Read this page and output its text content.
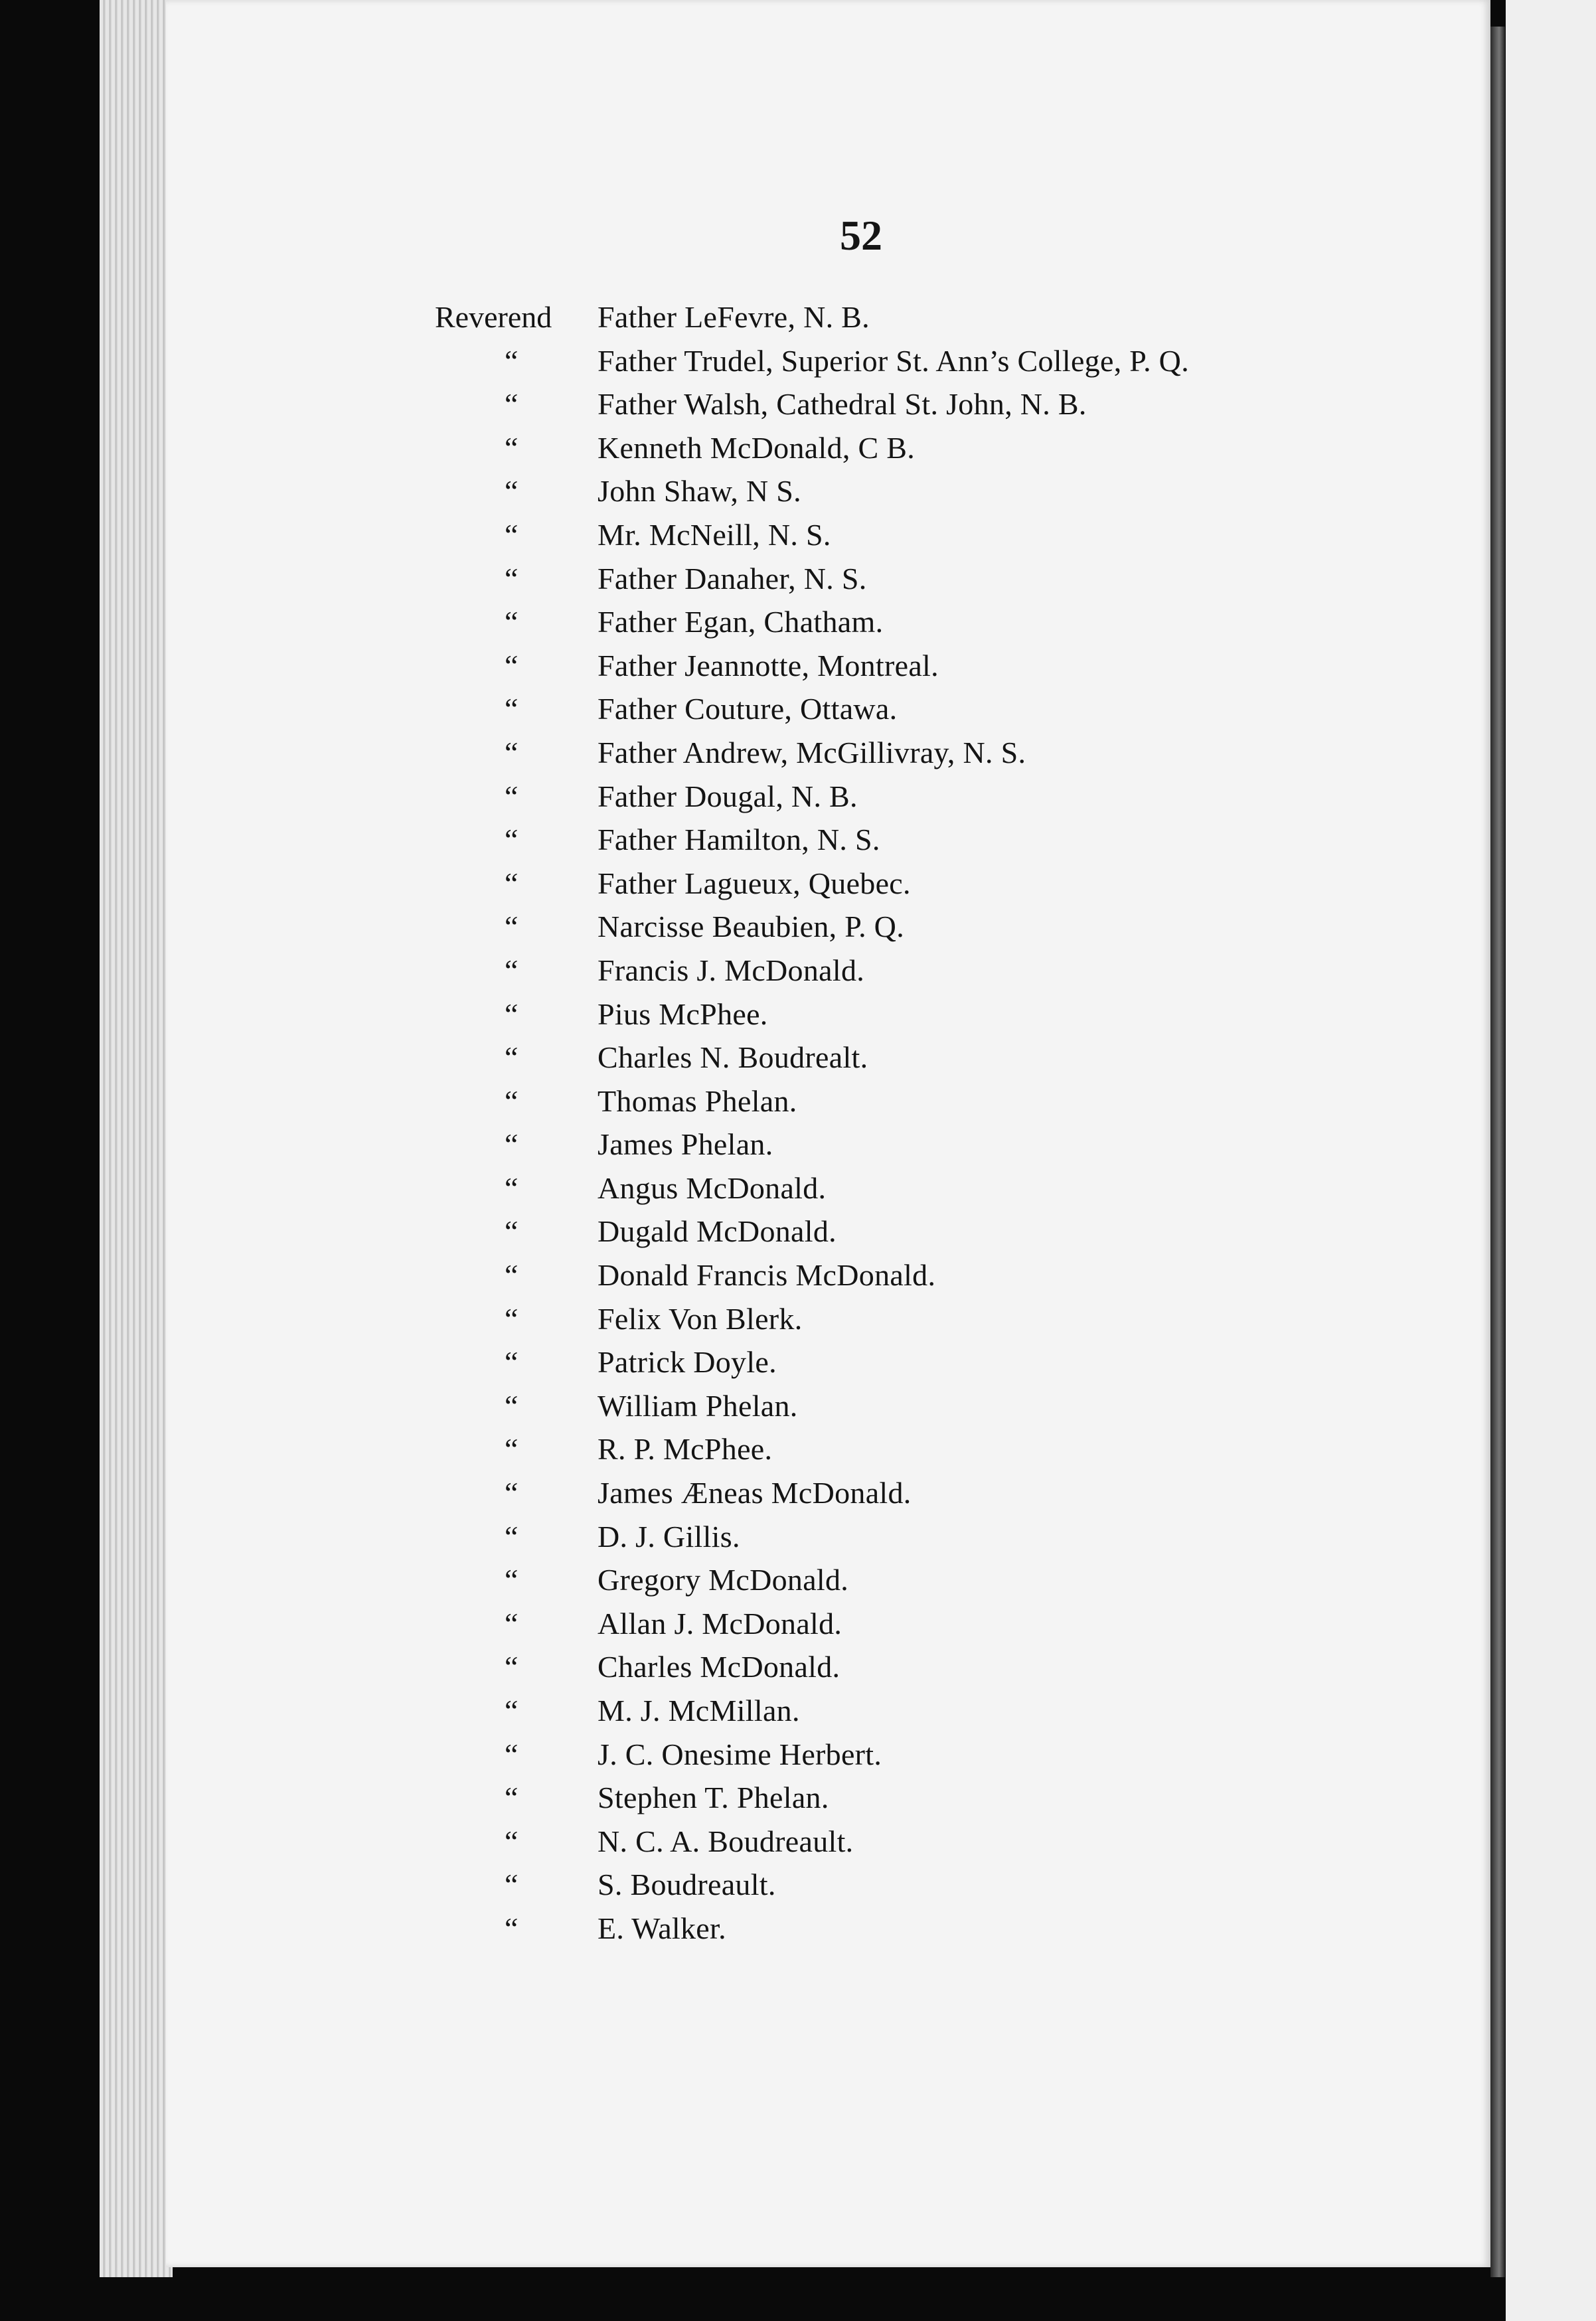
52
Reverend Father LeFevre, N. B.
“	Father Trudel, Superior St. Ann’s College, P. Q.
“	Father Walsh, Cathedral St. John, N. B.
“	Kenneth McDonald, C B.
“	John Shaw, N S.
“	Mr. McNeill, N. S.
“	Father Danaher, N. S.
“	Father Egan, Chatham.
“	Father Jeannotte, Montreal.
“	Father Couture, Ottawa.
“	Father Andrew, McGillivray, N. S.
“	Father Dougal, N. B.
“	Father Hamilton, N. S.
“	Father Lagueux, Quebec.
“	Narcisse Beaubien, P. Q.
“	Francis J. McDonald.
“	Pius McPhee.
“	Charles N. Boudrealt.
“	Thomas Phelan.
“	James Phelan.
“	Angus McDonald.
“	Dugald McDonald.
“	Donald Francis McDonald.
“	Felix Von Blerk.
“	Patrick Doyle.
“	William Phelan.
“	R. P. McPhee.
“	James Æneas McDonald.
“	D. J. Gillis.
“	Gregory McDonald.
“	Allan J. McDonald.
“	Charles McDonald.
“	M. J. McMillan.
“	J. C. Onesime Herbert.
“	Stephen T. Phelan.
“	N. C. A. Boudreault.
“	S. Boudreault.
“	E. Walker.
